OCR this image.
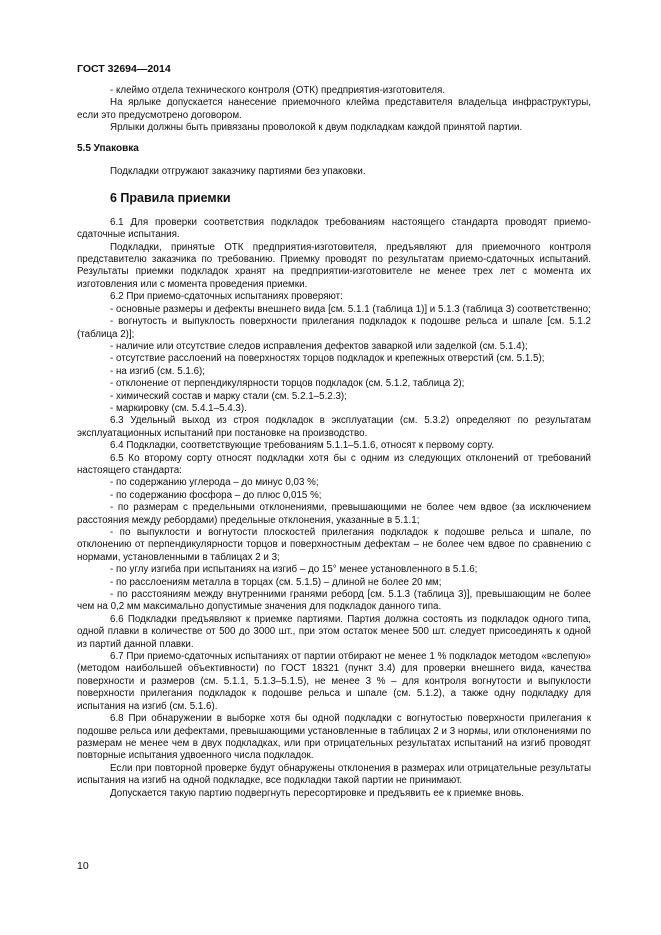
ГОСТ 32694—2014

- клеймо отдела технического контроля (ОТК) предприятия-изготовителя.

На ярлыке допускается нанесение приемочного клейма представителя владельца инфраструктуры, если это предусмотрено договором.

Ярлыки должны быть привязаны проволокой к двум подкладкам каждой принятой партии.

5.5 Упаковка

Подкладки отгружают заказчику партиями без упаковки.

6 Правила приемки

6.1 Для проверки соответствия подкладок требованиям настоящего стандарта проводят приемосдаточные испытания.

Подкладки, принятые ОТК предприятия-изготовителя, предъявляют для приемочного контроля представителю заказчика по требованию. Приемку проводят по результатам приемо-сдаточных испытаний. Результаты приемки подкладок хранят на предприятии-изготовителе не менее трех лет с момента их изготовления или с момента проведения приемки.

6.2 При приемо-сдаточных испытаниях проверяют:

- основные размеры и дефекты внешнего вида [см. 5.1.1 (таблица 1)] и 5.1.3 (таблица 3) соответственно;

- вогнутость и выпуклость поверхности прилегания подкладок к подошве рельса и шпале [см. 5.1.2 (таблица 2)];

- наличие или отсутствие следов исправления дефектов заваркой или заделкой (см. 5.1.4);

- отсутствие расслоений на поверхностях торцов подкладок и крепежных отверстий (см. 5.1.5);

- на изгиб (см. 5.1.6);

- отклонение от перпендикулярности торцов подкладок (см. 5.1.2, таблица 2);

- химический состав и марку стали (см. 5.2.1–5.2.3);

- маркировку (см. 5.4.1–5.4.3).

6.3 Удельный выход из строя подкладок в эксплуатации (см. 5.3.2) определяют по результатам эксплуатационных испытаний при постановке на производство.

6.4 Подкладки, соответствующие требованиям 5.1.1–5.1.6, относят к первому сорту.

6.5 Ко второму сорту относят подкладки хотя бы с одним из следующих отклонений от требований настоящего стандарта:

- по содержанию углерода – до минус 0,03 %;

- по содержанию фосфора – до плюс 0,015 %;

- по размерам с предельными отклонениями, превышающими не более чем вдвое (за исключением расстояния между ребордами) предельные отклонения, указанные в 5.1.1;

- по выпуклости и вогнутости плоскостей прилегания подкладок к подошве рельса и шпале, по отклонению от перпендикулярности торцов и поверхностным дефектам – не более чем вдвое по сравнению с нормами, установленными в таблицах 2 и 3;

- по углу изгиба при испытаниях на изгиб – до 15° менее установленного в 5.1.6;

- по расслоениям металла в торцах (см. 5.1.5) – длиной не более 20 мм;

- по расстояниям между внутренними гранями реборд [см. 5.1.3 (таблица 3)], превышающим не более чем на 0,2 мм максимально допустимые значения для подкладок данного типа.

6.6 Подкладки предъявляют к приемке партиями. Партия должна состоять из подкладок одного типа, одной плавки в количестве от 500 до 3000 шт., при этом остаток менее 500 шт. следует присоединять к одной из партий данной плавки.

6.7 При приемо-сдаточных испытаниях от партии отбирают не менее 1 % подкладок методом «вслепую» (методом наибольшей объективности) по ГОСТ 18321 (пункт 3.4) для проверки внешнего вида, качества поверхности и размеров (см. 5.1.1, 5.1.3–5.1.5), не менее 3 % – для контроля вогнутости и выпуклости поверхности прилегания подкладок к подошве рельса и шпале (см. 5.1.2), а также одну подкладку для испытания на изгиб (см. 5.1.6).

6.8 При обнаружении в выборке хотя бы одной подкладки с вогнутостью поверхности прилегания к подошве рельса или дефектами, превышающими установленные в таблицах 2 и 3 нормы, или отклонениями по размерам не менее чем в двух подкладках, или при отрицательных результатах испытаний на изгиб проводят повторные испытания удвоенного числа подкладок.

Если при повторной проверке будут обнаружены отклонения в размерах или отрицательные результаты испытания на изгиб на одной подкладке, все подкладки такой партии не принимают.

Допускается такую партию подвергнуть пересортировке и предъявить ее к приемке вновь.

10
